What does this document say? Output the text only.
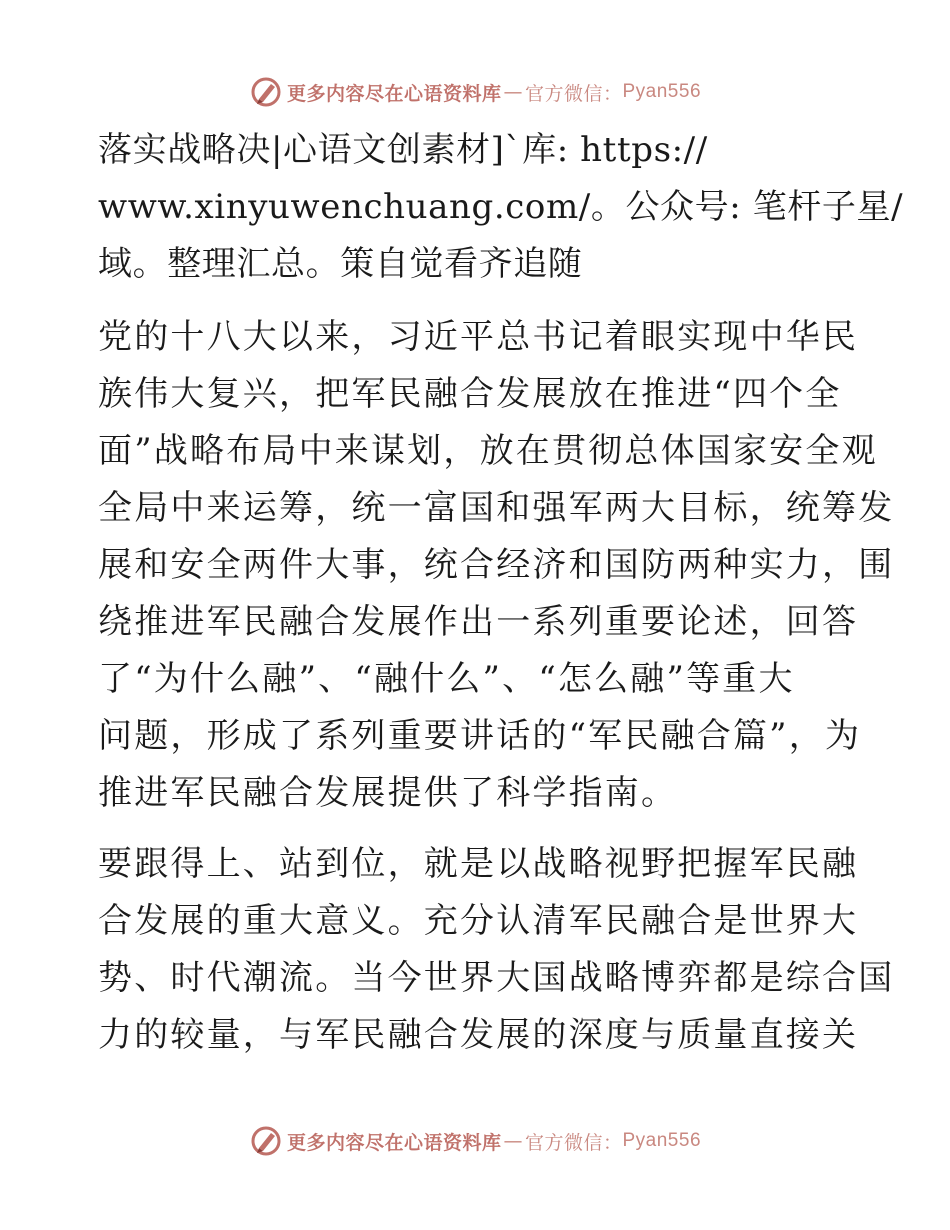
更多内容尽在心语资料库 — 官方微信： Pyan556

落实战略决|心语文创素材]`库: https://
www.xinyuwenchuang.com/。公众号: 笔杆子星/
域。整理汇总。策自觉看齐追随

党的十八大以来，习近平总书记着眼实现中华民
族伟大复兴，把军民融合发展放在推进“四个全
面”战略布局中来谋划，放在贯彻总体国家安全观
全局中来运筹，统一富国和强军两大目标，统筹发
展和安全两件大事，统合经济和国防两种实力，围
绕推进军民融合发展作出一系列重要论述，回答
了“为什么融”、“融什么”、“怎么融”等重大
问题，形成了系列重要讲话的“军民融合篇”，为
推进军民融合发展提供了科学指南。

要跟得上、站到位，就是以战略视野把握军民融
合发展的重大意义。充分认清军民融合是世界大
势、时代潮流。当今世界大国战略博弈都是综合国
力的较量，与军民融合发展的深度与质量直接关

更多内容尽在心语资料库 — 官方微信： Pyan556
